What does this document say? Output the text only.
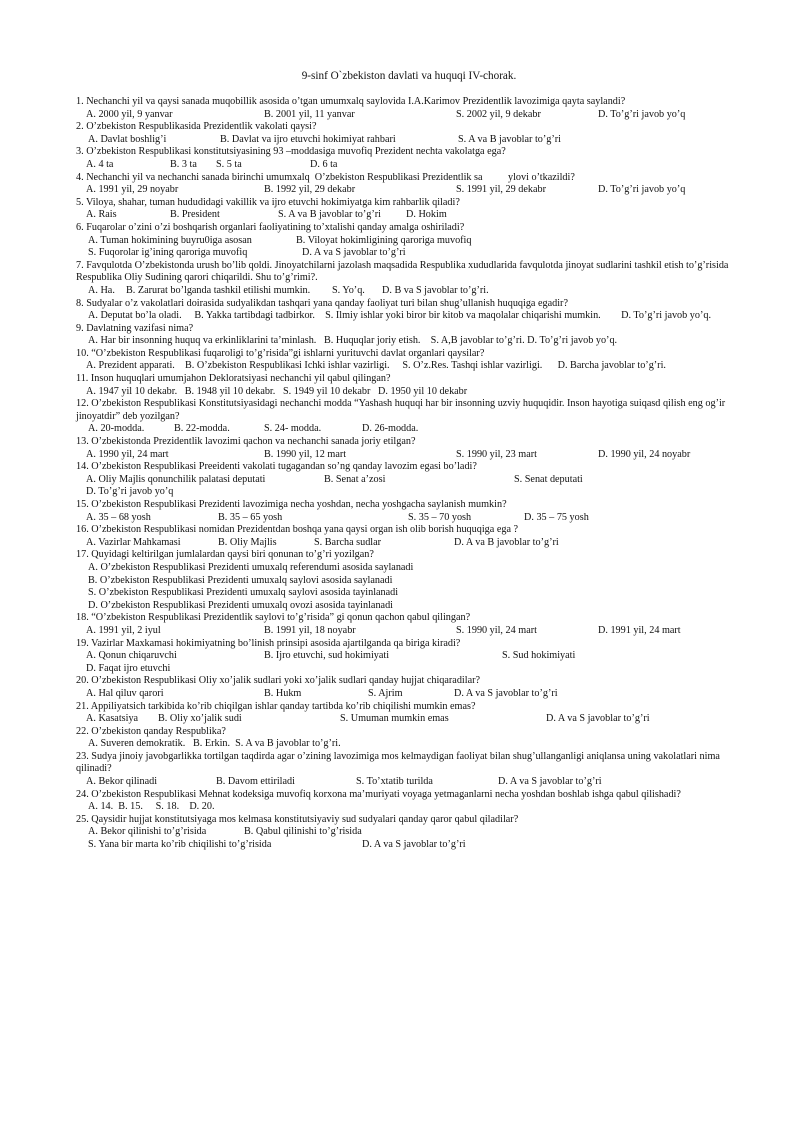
9-sinf O`zbekiston davlati va huquqi IV-chorak.
1. Nechanchi yil va qaysi sanada muqobillik asosida o’tgan umumxalq saylovida I.A.Karimov Prezidentlik lavozimiga qayta saylandi?
A. 2000 yil, 9 yanvar	B. 2001 yil, 11 yanvar	S. 2002 yil, 9 dekabr	D. To’g’ri javob yo’q
2. O’zbekiston Respublikasida Prezidentlik vakolati qaysi?
A. Davlat boshlig’i	B. Davlat va ijro etuvchi hokimiyat rahbari	S. A va B javoblar to’g’ri
3. O’zbekiston Respublikasi konstitutsiyasining 93 –moddasiga muvofiq Prezident nechta vakolatga ega?
A. 4 ta	B. 3 ta	S. 5 ta	D. 6 ta
4. Nechanchi yil va nechanchi sanada birinchi umumxalq  O’zbekiston Respublikasi Prezidentlik sa          ylovi o’tkazildi?
A. 1991 yil, 29 noyabr	B. 1992 yil, 29 dekabr	S. 1991 yil, 29 dekabr	D. To’g’ri javob yo’q
5. Viloya, shahar, tuman hududidagi vakillik va ijro etuvchi hokimiyatga kim rahbarlik qiladi?
A. Rais	B. President	S. A va B javoblar to’g’ri	D. Hokim
6. Fuqarolar o’zini o’zi boshqarish organlari faoliyatining to’xtalishi qanday amalga oshiriladi?
A. Tuman hokimining buyru0iga asosan	B. Viloyat hokimligining qaroriga muvofiq
S. Fuqorolar ig’ining qaroriga muvofiq	D. A va S javoblar to’g’ri
7. Favqulotda O’zbekistonda urush bo’lib qoldi. Jinoyatchilarni jazolash maqsadida Respublika xududlarida favqulotda jinoyat sudlarini tashkil etish to’g’risida Respublika Oliy Sudining qarori chiqarildi. Shu to’g’rimi?.
A. Ha.	B. Zarurat bo’lganda tashkil etilishi mumkin.	S. Yo’q.	D. B va S javoblar to’g’ri.
8. Sudyalar o’z vakolatlari doirasida sudyalikdan tashqari yana qanday faoliyat turi bilan shug’ullanish huquqiga egadir?
A. Deputat bo’la oladi. B. Yakka tartibdagi tadbirkor. S. Ilmiy ishlar yoki biror bir kitob va maqolalar chiqarishi mumkin. D. To’g’ri javob yo’q.
9. Davlatning vazifasi nima?
A. Har bir insonning huquq va erkinliklarini ta’minlash.
B. Huquqlar joriy etish.
S. A,B javoblar to’g’ri.
D. To’g’ri javob yo’q.
10. “O’zbekiston Respublikasi fuqaroligi to’g’risida”gi ishlarni yurituvchi davlat organlari qaysilar?
A. Prezident apparati. B. O’zbekiston Respublikasi Ichki ishlar vazirligi. S. O’z.Res. Tashqi ishlar vazirligi. D. Barcha javoblar to’g’ri.
11. Inson huquqlari umumjahon Dekloratsiyasi nechanchi yil qabul qilingan?
A. 1947 yil 10 dekabr.
B. 1948 yil 10 dekabr.
S. 1949 yil 10 dekabr
D. 1950 yil 10 dekabr
12. O’zbekiston Respublikasi Konstitutsiyasidagi nechanchi modda “Yashash huquqi har bir insonning uzviy huquqidir. Inson hayotiga suiqasd qilish eng og’ir jinoyatdir” deb yozilgan?
A. 20-modda.	B. 22-modda.	S. 24- modda.	D. 26-modda.
13. O’zbekistonda Prezidentlik lavozimi qachon va nechanchi sanada joriy etilgan?
A. 1990 yil, 24 mart	B. 1990 yil, 12 mart	S. 1990 yil, 23 mart	D. 1990 yil, 24 noyabr
14. O’zbekiston Respublikasi Preeidenti vakolati tugagandan so’ng qanday lavozim egasi bo’ladi?
A. Oliy Majlis qonunchilik palatasi deputati	B. Senat a’zosi	S. Senat deputati
D. To’g’ri javob yo’q
15. O’zbekiston Respublikasi Prezidenti lavozimiga necha yoshdan, necha yoshgacha saylanish mumkin?
A. 35 – 68 yosh	B. 35 – 65 yosh	S. 35 – 70 yosh	D. 35 – 75 yosh
16. O’zbekiston Respublikasi nomidan Prezidentdan boshqa yana qaysi organ ish olib borish huquqiga ega ?
A. Vazirlar Mahkamasi	B. Oliy Majlis	S. Barcha sudlar	D. A va B javoblar to’g’ri
17. Quyidagi keltirilgan jumlalardan qaysi biri qonunan to’g’ri yozilgan?
A. O’zbekiston Respublikasi Prezidenti umuxalq referendumi asosida saylanadi
B. O’zbekiston Respublikasi Prezidenti umuxalq saylovi asosida saylanadi
S. O’zbekiston Respublikasi Prezidenti umuxalq saylovi asosida tayinlanadi
D. O’zbekiston Respublikasi Prezidenti umuxalq ovozi asosida tayinlanadi
18. “O’zbekiston Respublikasi Prezidentlik saylovi to’g’risida” gi qonun qachon qabul qilingan?
A. 1991 yil, 2 iyul	B. 1991 yil, 18 noyabr	S. 1990 yil, 24 mart	D. 1991 yil, 24 mart
19. Vazirlar Maxkamasi hokimiyatning bo’linish prinsipi asosida ajartilganda qa biriga kiradi?
A. Qonun chiqaruvchi	B. Ijro etuvchi, sud hokimiyati	S. Sud hokimiyati
D. Faqat ijro etuvchi
20. O’zbekiston Respublikasi Oliy xo’jalik sudlari yoki xo’jalik sudlari qanday hujjat chiqaradilar?
A. Hal qiluv qarori	B. Hukm	S. Ajrim	D. A va S javoblar to’g’ri
21. Appiliyatsiсh tarkibida ko’rib chiqilgan ishlar qanday tartibda ko’rib chiqilishi mumkin emas?
A. Kasatsiya	B. Oliy xo’jalik sudi	S. Umuman mumkin emas	D. A va S javoblar to’g’ri
22. O’zbekiston qanday Respublika?
A. Suveren demokratik.
B. Erkin.
S. A va B javoblar to’g’ri.
23. Sudya jinoiy javobgarlikka tortilgan taqdirda agar o’zining lavozimiga mos kelmaydigan faoliyat bilan shug’ullanganligi aniqlansa uning vakolatlari nima qilinadi?
A. Bekor qilinadi	B. Davom ettiriladi	S. To’xtatib turilda	D. A va S javoblar to’g’ri
24. O’zbekiston Respublikasi Mehnat kodeksiga muvofiq korxona ma’muriyati voyaga yetmaganlarni necha yoshdan boshlab ishga qabul qilishadi?
A. 14.
B. 15.
S. 18.
D. 20.
25. Qaysidir hujjat konstitutsiyaga mos kelmasa konstitutsiyaviy sud sudyalari qanday qaror qabul qiladilar?
A. Bekor qilinishi to’g’risida	B. Qabul qilinishi to’g’risida
S. Yana bir marta ko’rib chiqilishi to’g’risida	D. A va S javoblar to’g’ri
